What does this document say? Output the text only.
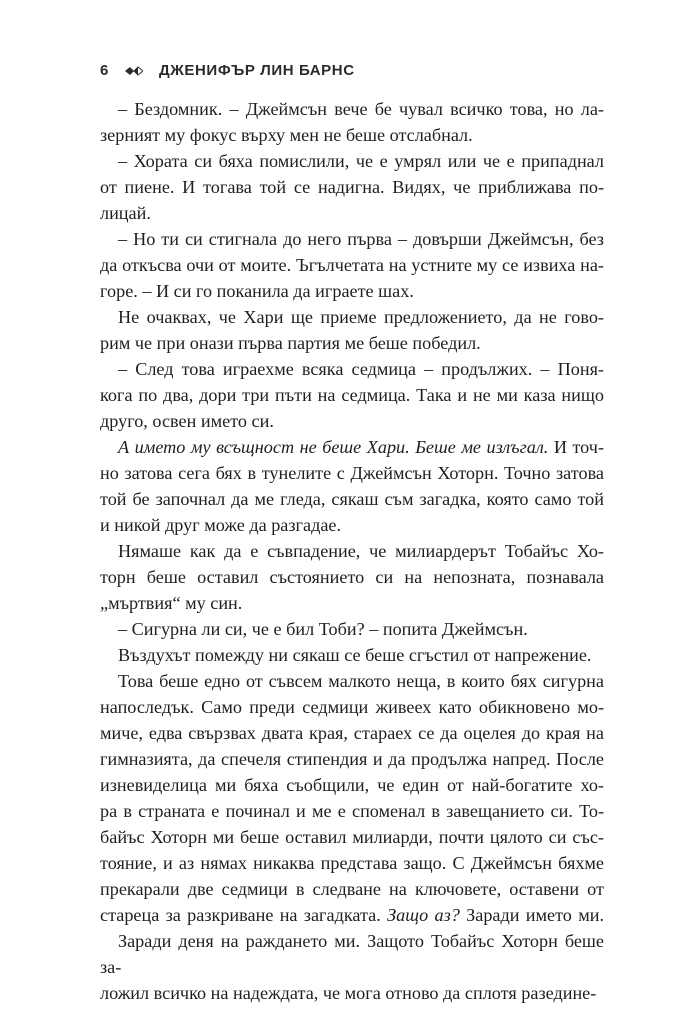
6	ДЖЕНИФЪР ЛИН БАРНС

– Бездомник. – Джеймсън вече бе чувал всичко това, но ла-
зерният му фокус върху мен не беше отслабнал.

– Хората си бяха помислили, че е умрял или че е припаднал
от пиене. И тогава той се надигна. Видях, че приближава по-
лицай.

– Но ти си стигнала до него първа – довърши Джеймсън, без
да откъсва очи от моите. Ъгълчетата на устните му се извиха на-
горе. – И си го поканила да играете шах.

Не очаквах, че Хари ще приеме предложението, да не гово-
рим че при онази първа партия ме беше победил.

– След това играехме всяка седмица – продължих. – Поня-
кога по два, дори три пъти на седмица. Така и не ми каза нищо
друго, освен името си.

А името му всъщност не беше Хари. Беше ме излъгал. И точ-
но затова сега бях в тунелите с Джеймсън Хоторн. Точно затова
той бе започнал да ме гледа, сякаш съм загадка, която само той
и никой друг може да разгадае.

Нямаше как да е съвпадение, че милиардерът Тобайъс Хо-
торн беше оставил състоянието си на непозната, познавала
„мъртвия“ му син.

– Сигурна ли си, че е бил Тоби? – попита Джеймсън.

Въздухът помежду ни сякаш се беше сгъстил от напрежение.

Това беше едно от съвсем малкото неща, в които бях сигурна
напоследък. Само преди седмици живеех като обикновено мо-
миче, едва свързвах двата края, стараех се да оцелея до края на
гимназията, да спечеля стипендия и да продължа напред. После
изневиделица ми бяха съобщили, че един от най-богатите хо-
ра в страната е починал и ме е споменал в завещанието си. То-
байъс Хоторн ми беше оставил милиарди, почти цялото си със-
тояние, и аз нямах никаква представа защо. С Джеймсън бяхме
прекарали две седмици в следване на ключовете, оставени от
стареца за разкриване на загадката. Защо аз? Заради името ми.

Заради деня на раждането ми. Защото Тобайъс Хоторн беше за-
ложил всичко на надеждата, че мога отново да сплотя разедине-
